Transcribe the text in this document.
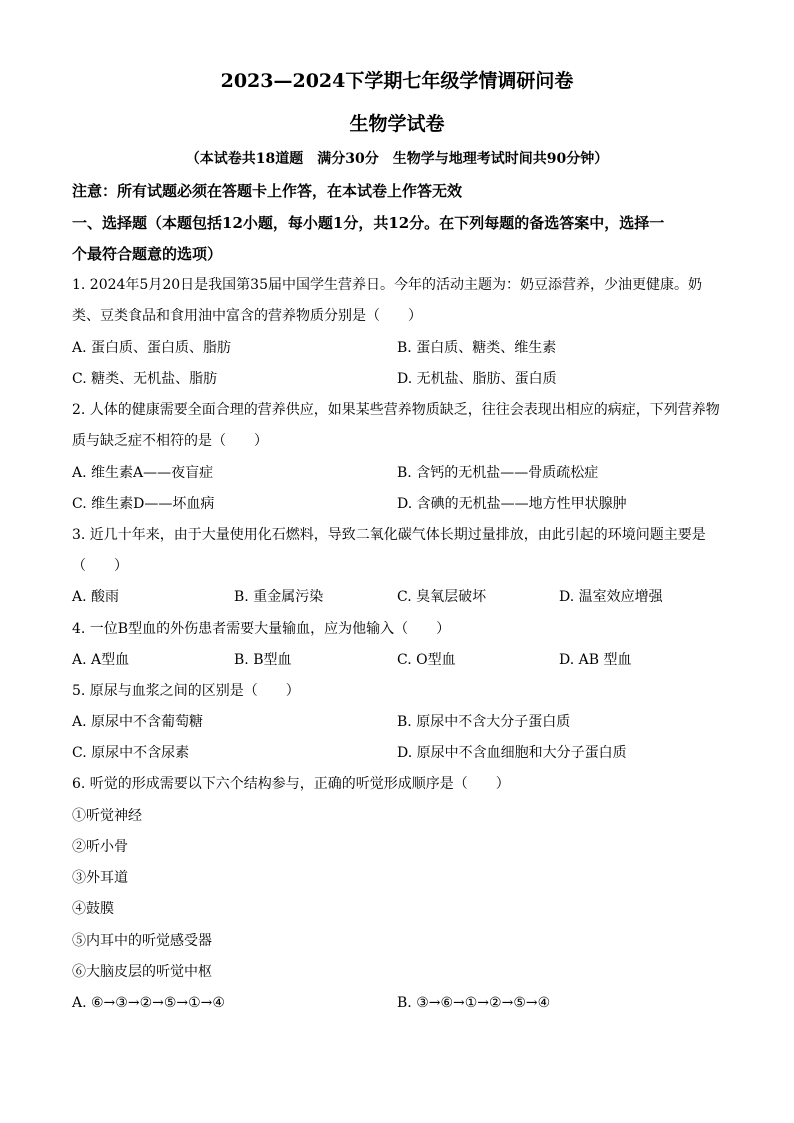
2023—2024下学期七年级学情调研问卷
生物学试卷
（本试卷共18道题　满分30分　生物学与地理考试时间共90分钟）
注意：所有试题必须在答题卡上作答，在本试卷上作答无效
一、选择题（本题包括12小题，每小题1分，共12分。在下列每题的备选答案中，选择一
个最符合题意的选项）
1. 2024年5月20日是我国第35届中国学生营养日。今年的活动主题为：奶豆添营养，少油更健康。奶
类、豆类食品和食用油中富含的营养物质分别是（　　）
A. 蛋白质、蛋白质、脂肪	B. 蛋白质、糖类、维生素
C. 糖类、无机盐、脂肪	D. 无机盐、脂肪、蛋白质
2. 人体的健康需要全面合理的营养供应，如果某些营养物质缺乏，往往会表现出相应的病症，下列营养物
质与缺乏症不相符的是（　　）
A. 维生素A——夜盲症	B. 含钙的无机盐——骨质疏松症
C. 维生素D——坏血病	D. 含碘的无机盐——地方性甲状腺肿
3. 近几十年来，由于大量使用化石燃料，导致二氧化碳气体长期过量排放，由此引起的环境问题主要是
（　　）
A. 酸雨	B. 重金属污染	C. 臭氧层破坏	D. 温室效应增强
4. 一位B型血的外伤患者需要大量输血，应为他输入（　　）
A. A型血	B. B型血	C. O型血	D. AB 型血
5. 原尿与血浆之间的区别是（　　）
A. 原尿中不含葡萄糖	B. 原尿中不含大分子蛋白质
C. 原尿中不含尿素	D. 原尿中不含血细胞和大分子蛋白质
6. 听觉的形成需要以下六个结构参与，正确的听觉形成顺序是（　　）
①听觉神经
②听小骨
③外耳道
④鼓膜
⑤内耳中的听觉感受器
⑥大脑皮层的听觉中枢
A. ⑥→③→②→⑤→①→④	B. ③→⑥→①→②→⑤→④
